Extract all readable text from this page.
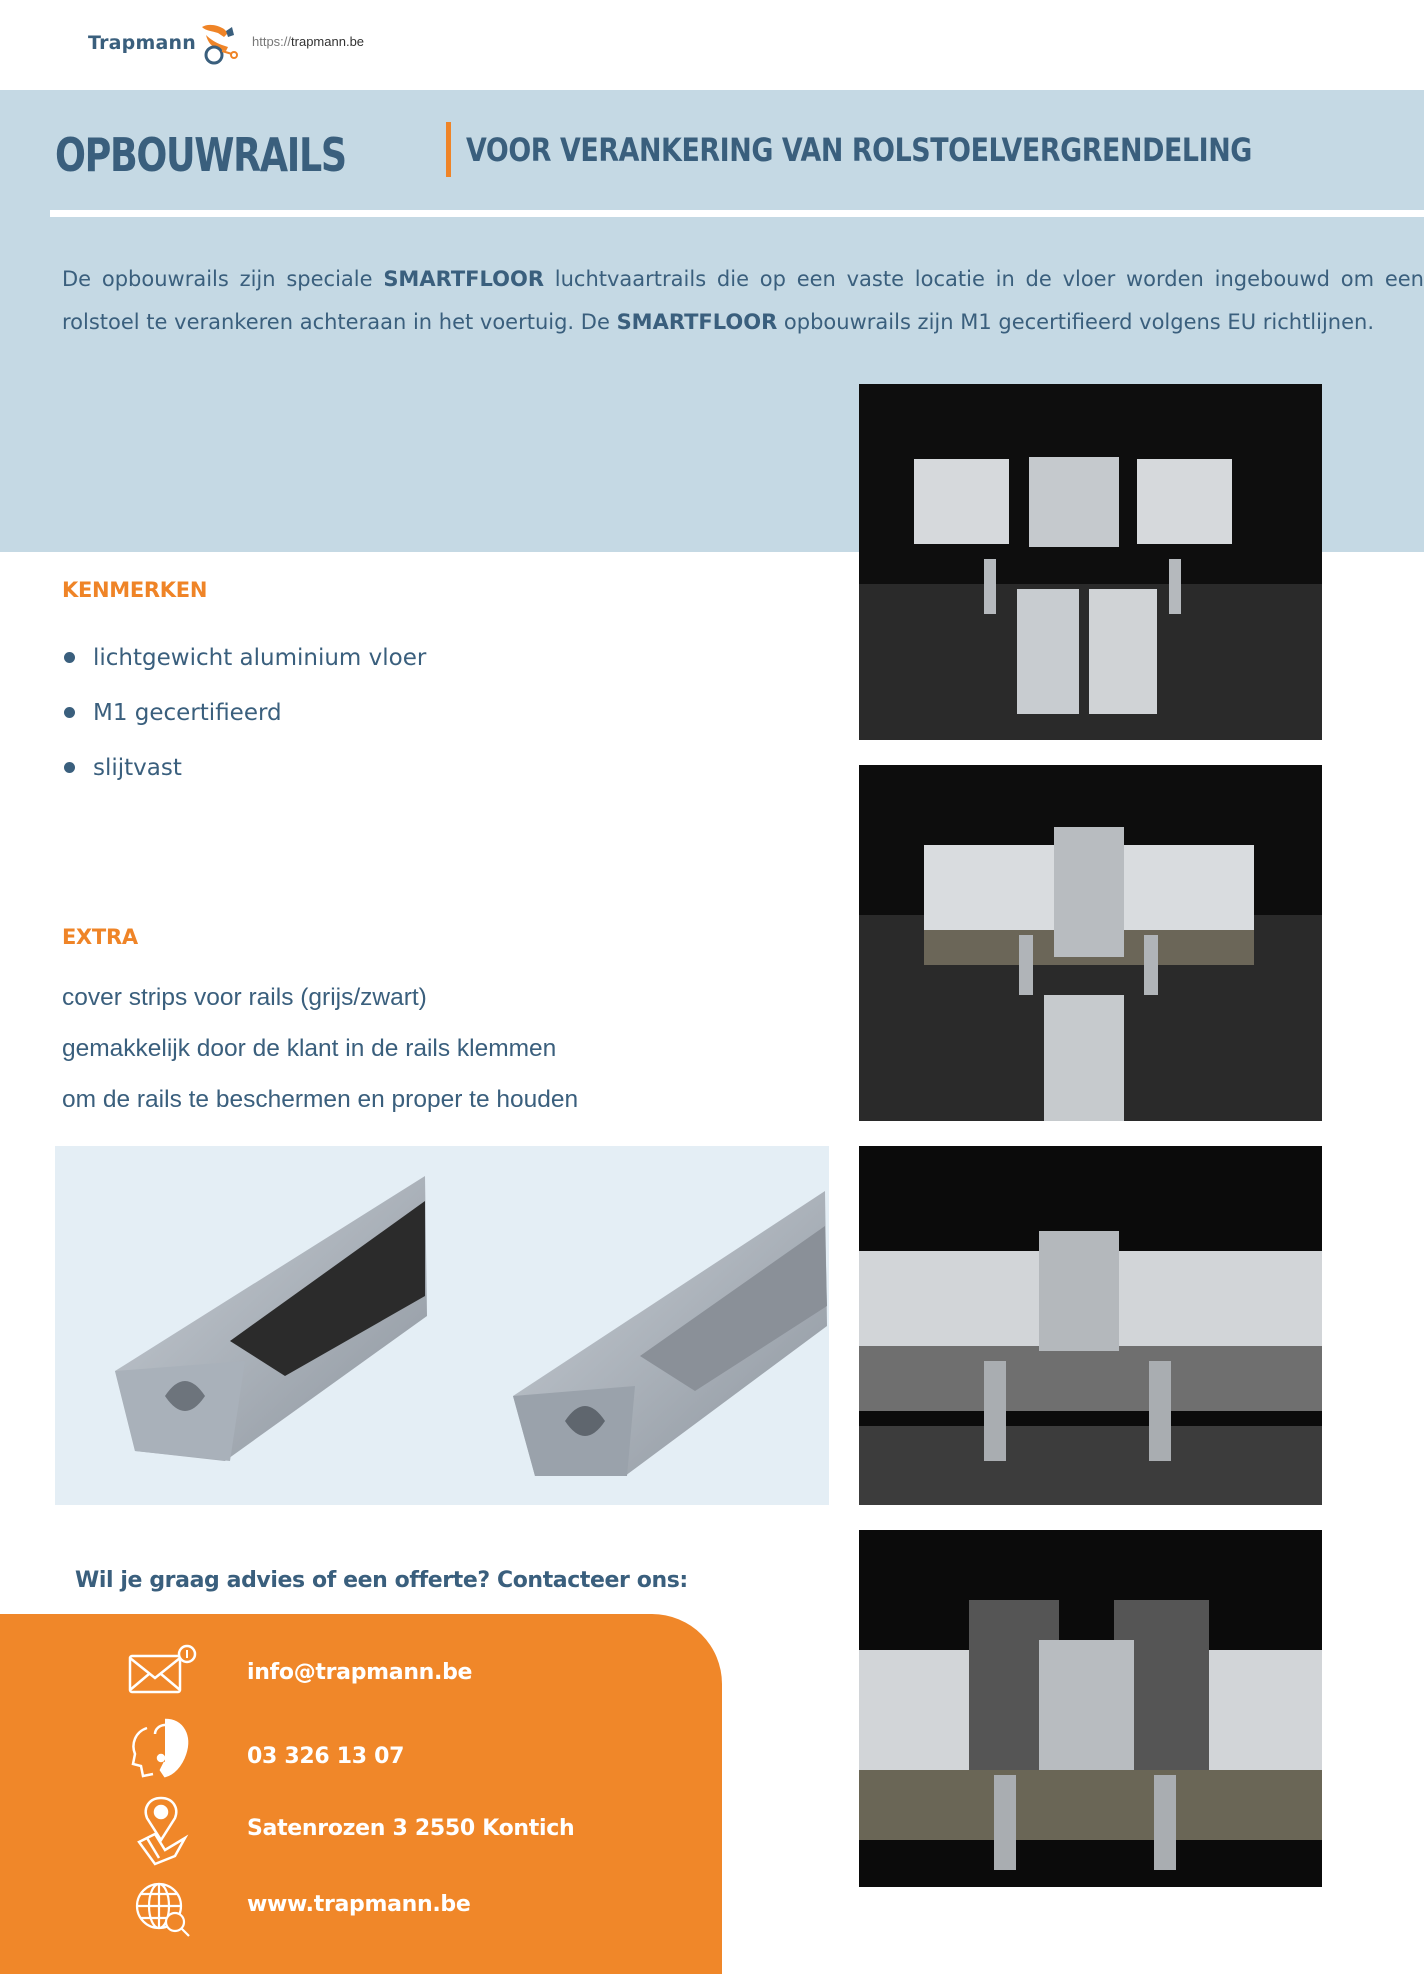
Trapmann	https://trapmann.be
OPBOUWRAILS	VOOR VERANKERING VAN ROLSTOELVERGRENDELING

De opbouwrails zijn speciale SMARTFLOOR luchtvaartrails die op een vaste locatie in de vloer worden ingebouwd om een rolstoel te verankeren achteraan in het voertuig. De SMARTFLOOR opbouwrails zijn M1 gecertifieerd volgens EU richtlijnen.

KENMERKEN
lichtgewicht aluminium vloer
M1 gecertifieerd
slijtvast
EXTRA
cover strips voor rails (grijs/zwart)
gemakkelijk door de klant in de rails klemmen
om de rails te beschermen en proper te houden
Wil je graag advies of een offerte? Contacteer ons:
info@trapmann.be
03 326 13 07
Satenrozen 3 2550 Kontich
www.trapmann.be
